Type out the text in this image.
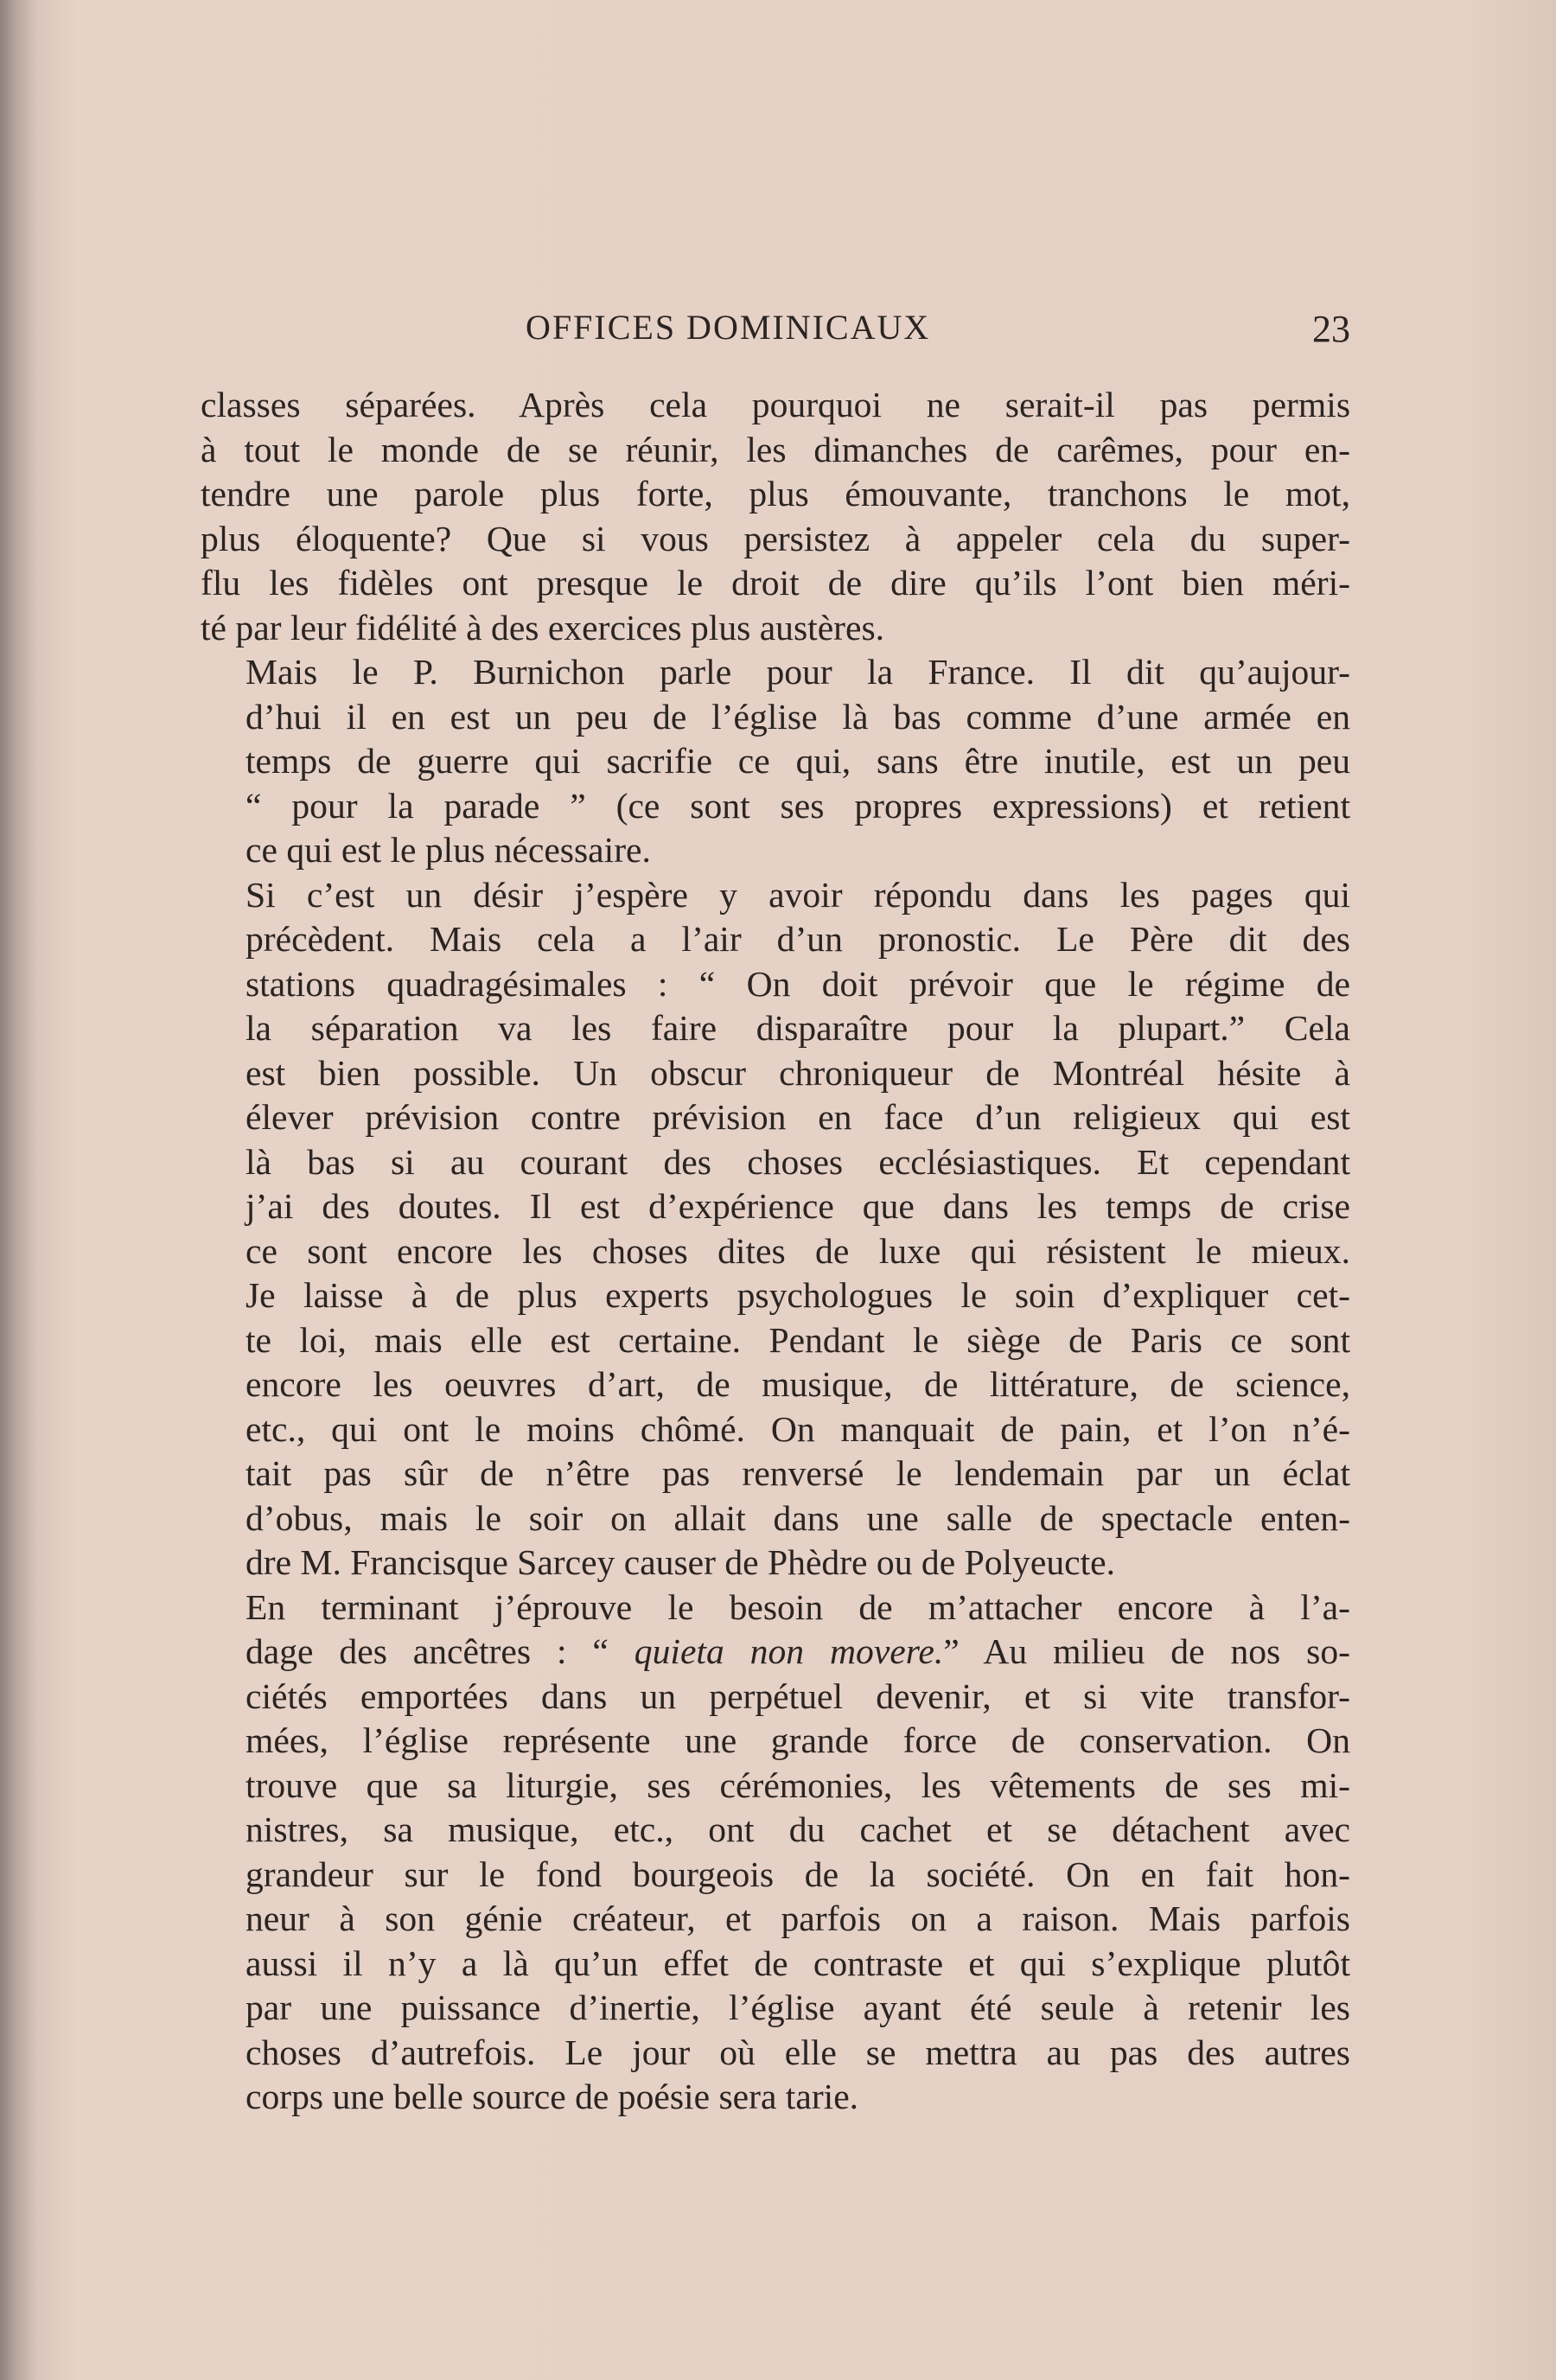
OFFICES DOMINICAUX	23

classes séparées. Après cela pourquoi ne serait-il pas permis
à tout le monde de se réunir, les dimanches de carêmes, pour en-
tendre une parole plus forte, plus émouvante, tranchons le mot,
plus éloquente? Que si vous persistez à appeler cela du super-
flu les fidèles ont presque le droit de dire qu’ils l’ont bien méri-
té par leur fidélité à des exercices plus austères.

Mais le P. Burnichon parle pour la France. Il dit qu’aujour-
d’hui il en est un peu de l’église là bas comme d’une armée en
temps de guerre qui sacrifie ce qui, sans être inutile, est un peu
“ pour la parade ” (ce sont ses propres expressions) et retient
ce qui est le plus nécessaire.

Si c’est un désir j’espère y avoir répondu dans les pages qui
précèdent. Mais cela a l’air d’un pronostic. Le Père dit des
stations quadragésimales : “ On doit prévoir que le régime de
la séparation va les faire disparaître pour la plupart.” Cela
est bien possible. Un obscur chroniqueur de Montréal hésite à
élever prévision contre prévision en face d’un religieux qui est
là bas si au courant des choses ecclésiastiques. Et cependant
j’ai des doutes. Il est d’expérience que dans les temps de crise
ce sont encore les choses dites de luxe qui résistent le mieux.
Je laisse à de plus experts psychologues le soin d’expliquer cet-
te loi, mais elle est certaine. Pendant le siège de Paris ce sont
encore les oeuvres d’art, de musique, de littérature, de science,
etc., qui ont le moins chômé. On manquait de pain, et l’on n’é-
tait pas sûr de n’être pas renversé le lendemain par un éclat
d’obus, mais le soir on allait dans une salle de spectacle enten-
dre M. Francisque Sarcey causer de Phèdre ou de Polyeucte.

En terminant j’éprouve le besoin de m’attacher encore à l’a-
dage des ancêtres : “ quieta non movere.” Au milieu de nos so-
ciétés emportées dans un perpétuel devenir, et si vite transfor-
mées, l’église représente une grande force de conservation. On
trouve que sa liturgie, ses cérémonies, les vêtements de ses mi-
nistres, sa musique, etc., ont du cachet et se détachent avec
grandeur sur le fond bourgeois de la société. On en fait hon-
neur à son génie créateur, et parfois on a raison. Mais parfois
aussi il n’y a là qu’un effet de contraste et qui s’explique plutôt
par une puissance d’inertie, l’église ayant été seule à retenir les
choses d’autrefois. Le jour où elle se mettra au pas des autres
corps une belle source de poésie sera tarie.
